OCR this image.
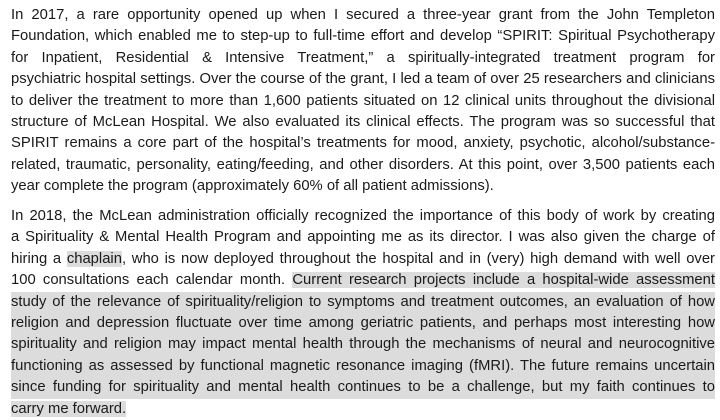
In 2017, a rare opportunity opened up when I secured a three-year grant from the John Templeton
Foundation, which enabled me to step-up to full-time effort and develop “SPIRIT: Spiritual Psychotherapy
for Inpatient, Residential & Intensive Treatment,” a spiritually-integrated treatment program for
psychiatric hospital settings. Over the course of the grant, I led a team of over 25 researchers and clinicians
to deliver the treatment to more than 1,600 patients situated on 12 clinical units throughout the divisional
structure of McLean Hospital. We also evaluated its clinical effects. The program was so successful that
SPIRIT remains a core part of the hospital’s treatments for mood, anxiety, psychotic, alcohol/substance-
related, traumatic, personality, eating/feeding, and other disorders. At this point, over 3,500 patients each
year complete the program (approximately 60% of all patient admissions).
In 2018, the McLean administration officially recognized the importance of this body of work by creating
a Spirituality & Mental Health Program and appointing me as its director. I was also given the charge of
hiring a chaplain, who is now deployed throughout the hospital and in (very) high demand with well over
100 consultations each calendar month. Current research projects include a hospital-wide assessment
study of the relevance of spirituality/religion to symptoms and treatment outcomes, an evaluation of how
religion and depression fluctuate over time among geriatric patients, and perhaps most interesting how
spirituality and religion may impact mental health through the mechanisms of neural and neurocognitive
functioning as assessed by functional magnetic resonance imaging (fMRI). The future remains uncertain
since funding for spirituality and mental health continues to be a challenge, but my faith continues to
carry me forward.
